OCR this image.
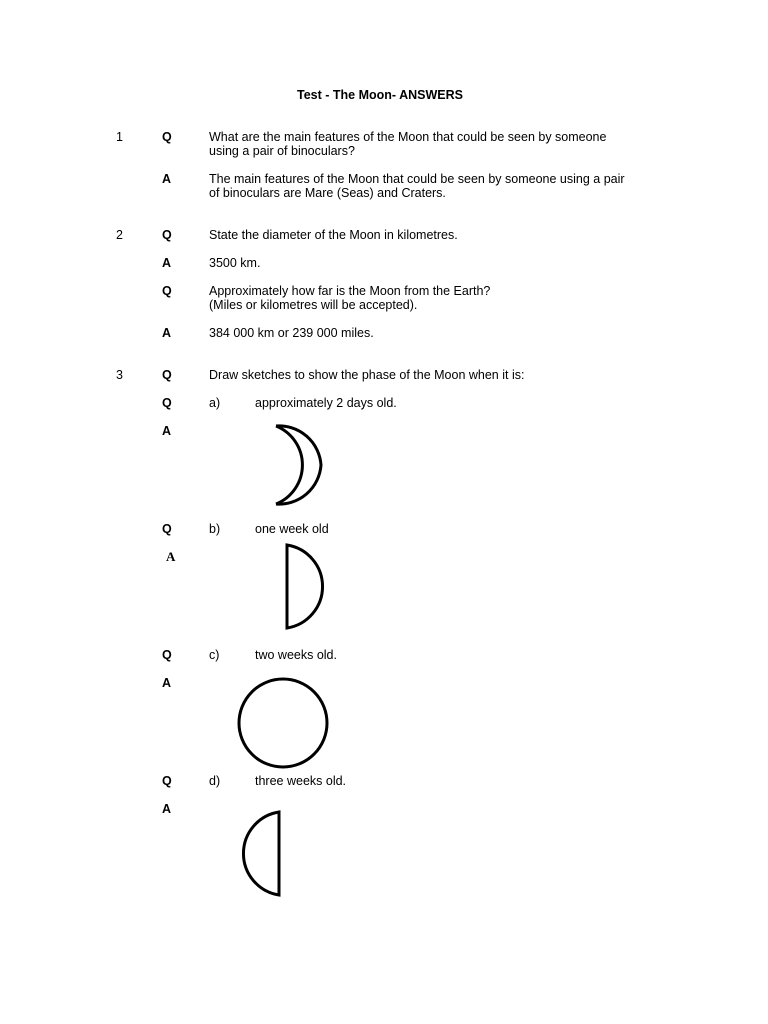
Test - The Moon- ANSWERS
1	Q	What are the main features of the Moon that could be seen by someone
using a pair of binoculars?
A	The main features of the Moon that could be seen by someone using a pair
of binoculars are Mare (Seas) and Craters.
2	Q	State the diameter of the Moon in kilometres.
A	3500 km.
Q	Approximately how far is the Moon from the Earth?
(Miles or kilometres will be accepted).
A	384 000 km or 239 000 miles.
3	Q	Draw sketches to show the phase of the Moon when it is:
Q	a)	approximately 2 days old.
A
Q	b)	one week old
A
Q	c)	two weeks old.
A
Q	d)	three weeks old.
A
